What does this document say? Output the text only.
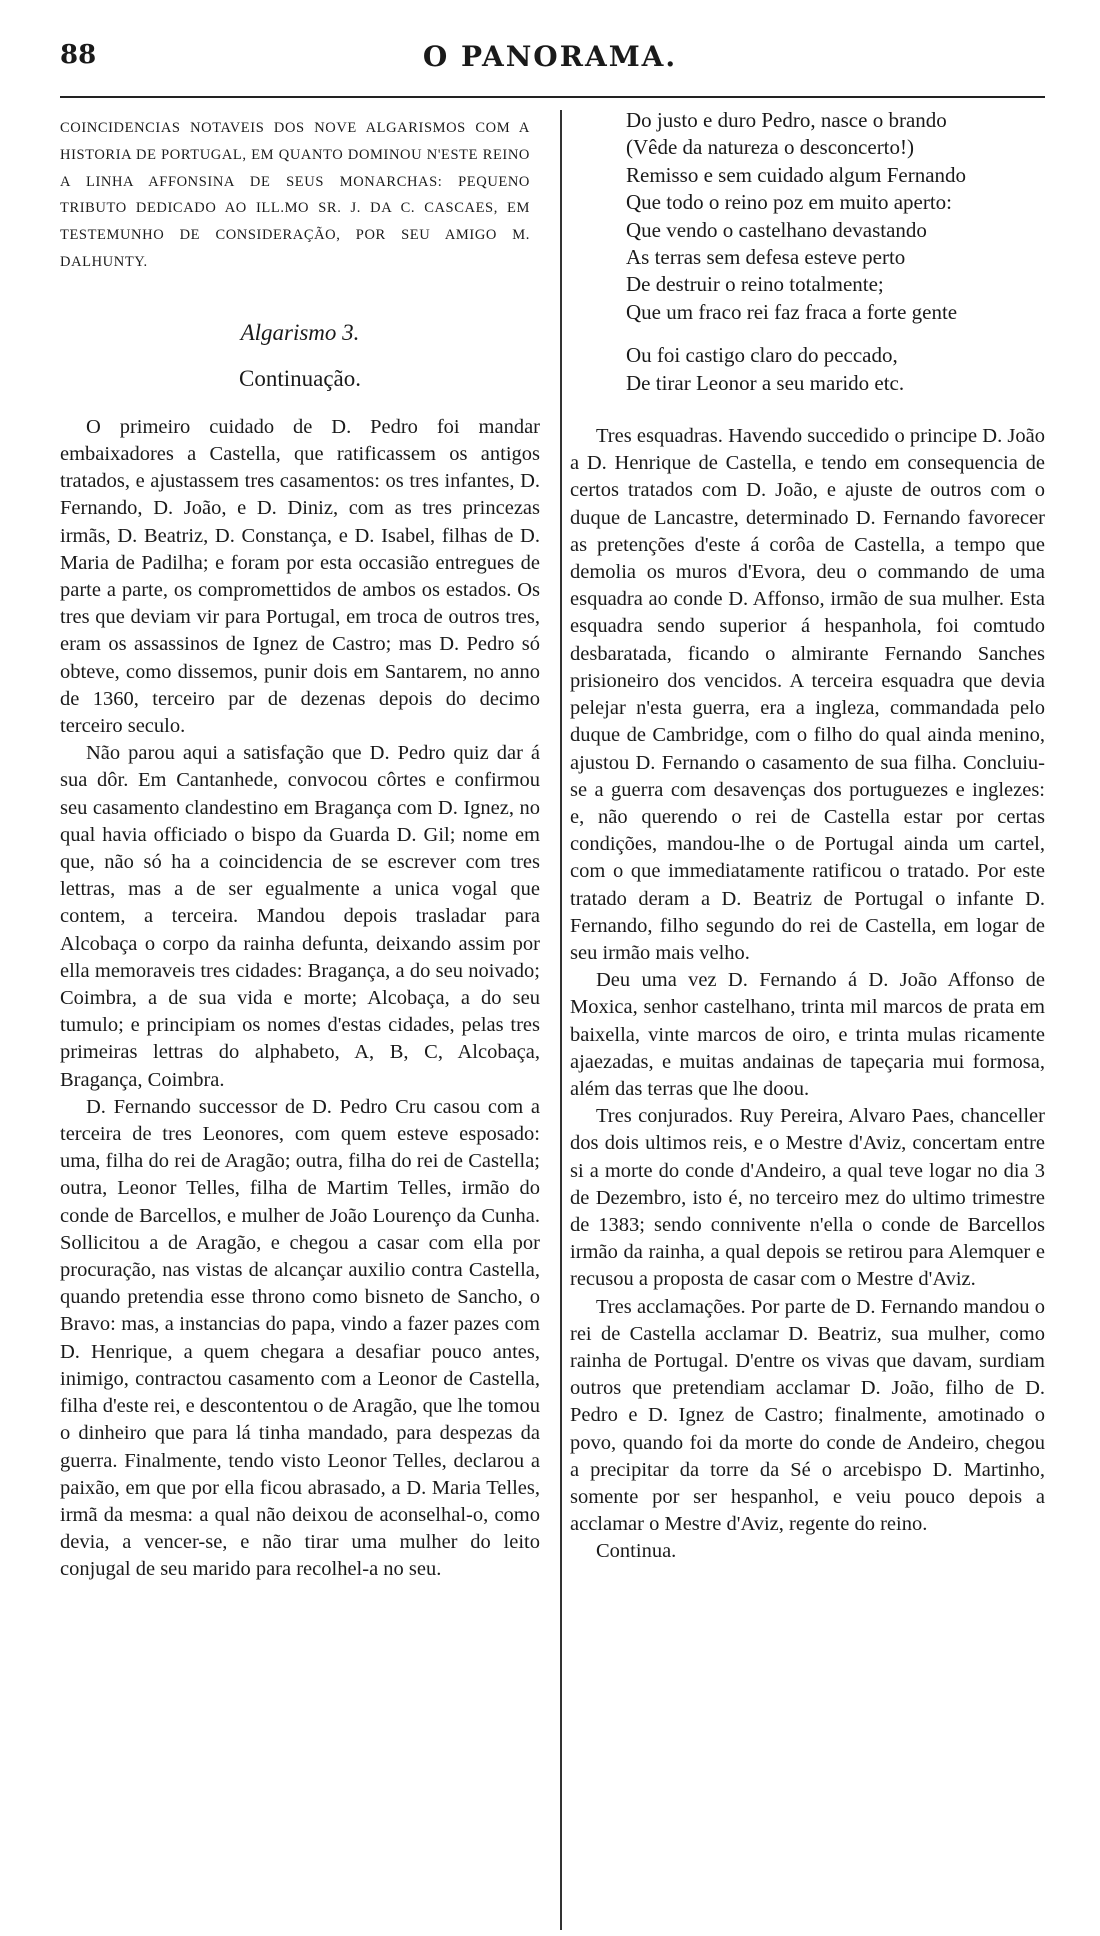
88	O PANORAMA.

COINCIDENCIAS NOTAVEIS DOS NOVE ALGARISMOS COM A HISTORIA DE PORTUGAL, EM QUANTO DOMINOU N'ESTE REINO A LINHA AFFONSINA DE SEUS MONARCHAS: PEQUENO TRIBUTO DEDICADO AO ILL.MO SR. J. DA C. CASCAES, EM TESTEMUNHO DE CONSIDERAÇÃO, POR SEU AMIGO M. DALHUNTY.

Algarismo 3.
Continuação.

O primeiro cuidado de D. Pedro foi mandar embaixadores a Castella, que ratificassem os antigos tratados, e ajustassem tres casamentos: os tres infantes, D. Fernando, D. João, e D. Diniz, com as tres princezas irmãs, D. Beatriz, D. Constança, e D. Isabel, filhas de D. Maria de Padilha; e foram por esta occasião entregues de parte a parte, os compromettidos de ambos os estados. Os tres que deviam vir para Portugal, em troca de outros tres, eram os assassinos de Ignez de Castro; mas D. Pedro só obteve, como dissemos, punir dois em Santarem, no anno de 1360, terceiro par de dezenas depois do decimo terceiro seculo.

Não parou aqui a satisfação que D. Pedro quiz dar á sua dôr. Em Cantanhede, convocou côrtes e confirmou seu casamento clandestino em Bragança com D. Ignez, no qual havia officiado o bispo da Guarda D. Gil; nome em que, não só ha a coincidencia de se escrever com tres lettras, mas a de ser egualmente a unica vogal que contem, a terceira. Mandou depois trasladar para Alcobaça o corpo da rainha defunta, deixando assim por ella memoraveis tres cidades: Bragança, a do seu noivado; Coimbra, a de sua vida e morte; Alcobaça, a do seu tumulo; e principiam os nomes d'estas cidades, pelas tres primeiras lettras do alphabeto, A, B, C, Alcobaça, Bragança, Coimbra.

D. Fernando successor de D. Pedro Cru casou com a terceira de tres Leonores, com quem esteve esposado: uma, filha do rei de Aragão; outra, filha do rei de Castella; outra, Leonor Telles, filha de Martim Telles, irmão do conde de Barcellos, e mulher de João Lourenço da Cunha. Sollicitou a de Aragão, e chegou a casar com ella por procuração, nas vistas de alcançar auxilio contra Castella, quando pretendia esse throno como bisneto de Sancho, o Bravo: mas, a instancias do papa, vindo a fazer pazes com D. Henrique, a quem chegara a desafiar pouco antes, inimigo, contractou casamento com a Leonor de Castella, filha d'este rei, e descontentou o de Aragão, que lhe tomou o dinheiro que para lá tinha mandado, para despezas da guerra. Finalmente, tendo visto Leonor Telles, declarou a paixão, em que por ella ficou abrasado, a D. Maria Telles, irmã da mesma: a qual não deixou de aconselhal-o, como devia, a vencer-se, e não tirar uma mulher do leito conjugal de seu marido para recolhel-a no seu.

Do justo e duro Pedro, nasce o brando
(Vêde da natureza o desconcerto!)
Remisso e sem cuidado algum Fernando
Que todo o reino poz em muito aperto:
Que vendo o castelhano devastando
As terras sem defesa esteve perto
De destruir o reino totalmente;
Que um fraco rei faz fraca a forte gente
Ou foi castigo claro do peccado,
De tirar Leonor a seu marido etc.

Tres esquadras. Havendo succedido o principe D. João a D. Henrique de Castella, e tendo em consequencia de certos tratados com D. João, e ajuste de outros com o duque de Lancastre, determinado D. Fernando favorecer as pretenções d'este á corôa de Castella, a tempo que demolia os muros d'Evora, deu o commando de uma esquadra ao conde D. Affonso, irmão de sua mulher. Esta esquadra sendo superior á hespanhola, foi comtudo desbaratada, ficando o almirante Fernando Sanches prisioneiro dos vencidos. A terceira esquadra que devia pelejar n'esta guerra, era a ingleza, commandada pelo duque de Cambridge, com o filho do qual ainda menino, ajustou D. Fernando o casamento de sua filha. Concluiu-se a guerra com desavenças dos portuguezes e inglezes: e, não querendo o rei de Castella estar por certas condições, mandou-lhe o de Portugal ainda um cartel, com o que immediatamente ratificou o tratado. Por este tratado deram a D. Beatriz de Portugal o infante D. Fernando, filho segundo do rei de Castella, em logar de seu irmão mais velho.

Deu uma vez D. Fernando á D. João Affonso de Moxica, senhor castelhano, trinta mil marcos de prata em baixella, vinte marcos de oiro, e trinta mulas ricamente ajaezadas, e muitas andainas de tapeçaria mui formosa, além das terras que lhe doou.

Tres conjurados. Ruy Pereira, Alvaro Paes, chanceller dos dois ultimos reis, e o Mestre d'Aviz, concertam entre si a morte do conde d'Andeiro, a qual teve logar no dia 3 de Dezembro, isto é, no terceiro mez do ultimo trimestre de 1383; sendo connivente n'ella o conde de Barcellos irmão da rainha, a qual depois se retirou para Alemquer e recusou a proposta de casar com o Mestre d'Aviz.

Tres acclamações. Por parte de D. Fernando mandou o rei de Castella acclamar D. Beatriz, sua mulher, como rainha de Portugal. D'entre os vivas que davam, surdiam outros que pretendiam acclamar D. João, filho de D. Pedro e D. Ignez de Castro; finalmente, amotinado o povo, quando foi da morte do conde de Andeiro, chegou a precipitar da torre da Sé o arcebispo D. Martinho, somente por ser hespanhol, e veiu pouco depois a acclamar o Mestre d'Aviz, regente do reino.

Continua.
